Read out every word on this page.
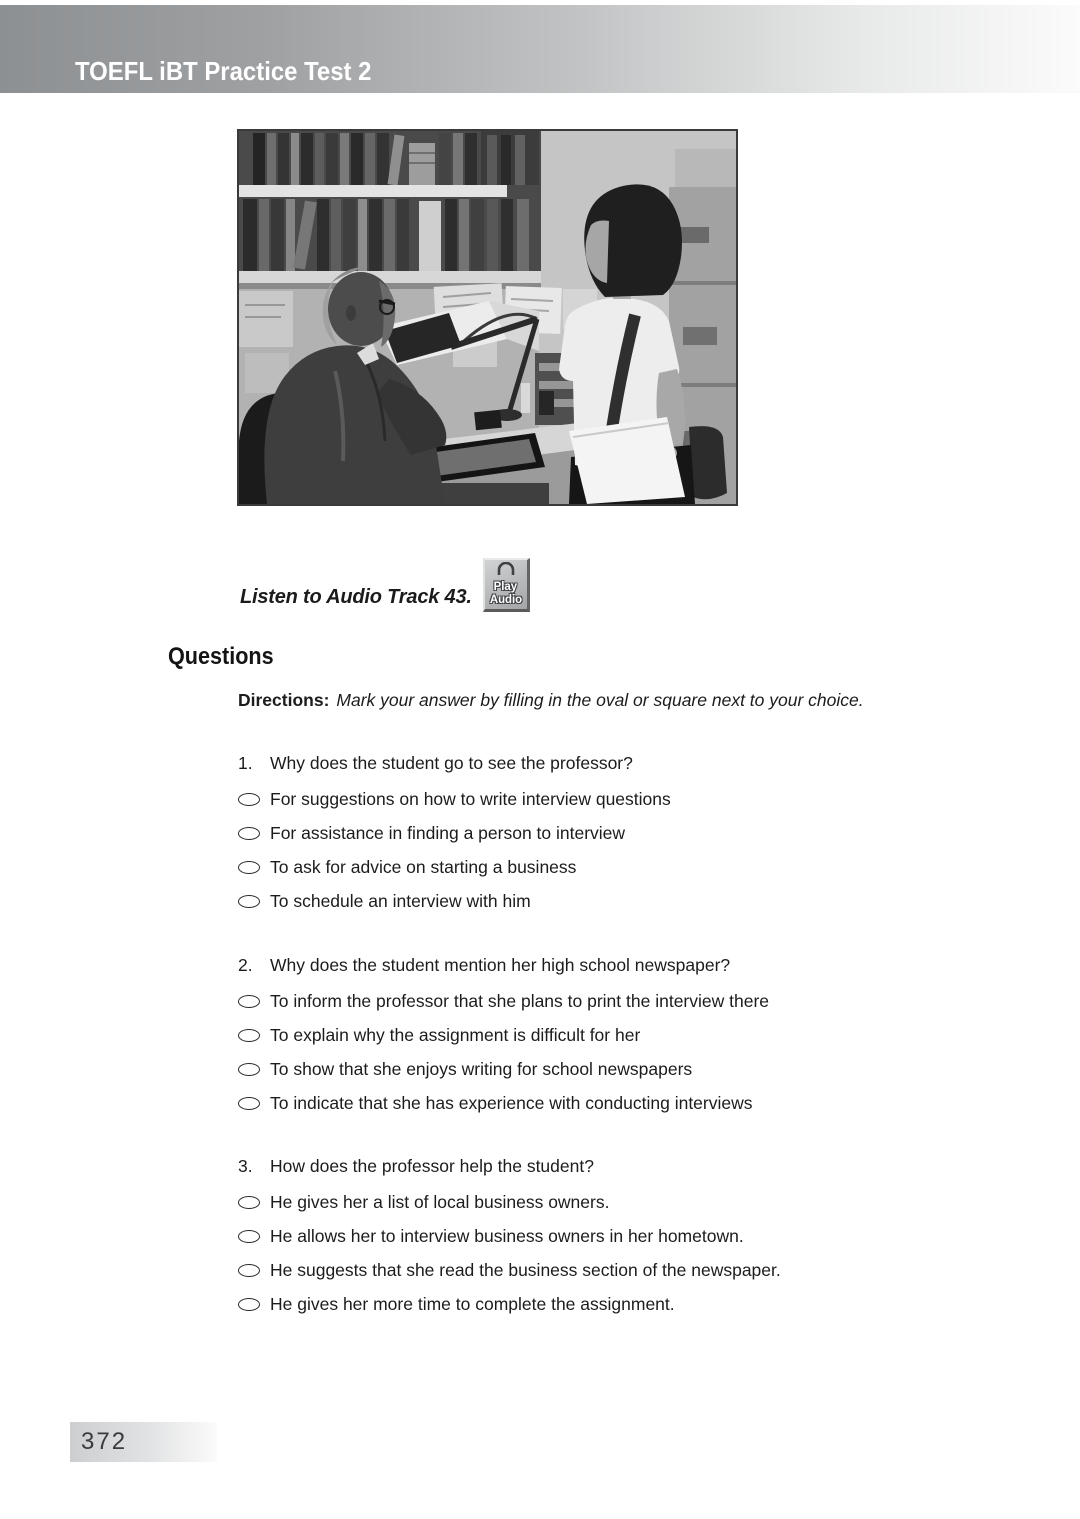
TOEFL iBT Practice Test 2
Listen to Audio Track 43. Play
Audio
Questions
Directions: Mark your answer by filling in the oval or square next to your choice.
1. Why does the student go to see the professor?
For suggestions on how to write interview questions
For assistance in finding a person to interview
To ask for advice on starting a business
To schedule an interview with him
2. Why does the student mention her high school newspaper?
To inform the professor that she plans to print the interview there
To explain why the assignment is difficult for her
To show that she enjoys writing for school newspapers
To indicate that she has experience with conducting interviews
3. How does the professor help the student?
He gives her a list of local business owners.
He allows her to interview business owners in her hometown.
He suggests that she read the business section of the newspaper.
He gives her more time to complete the assignment.
372
